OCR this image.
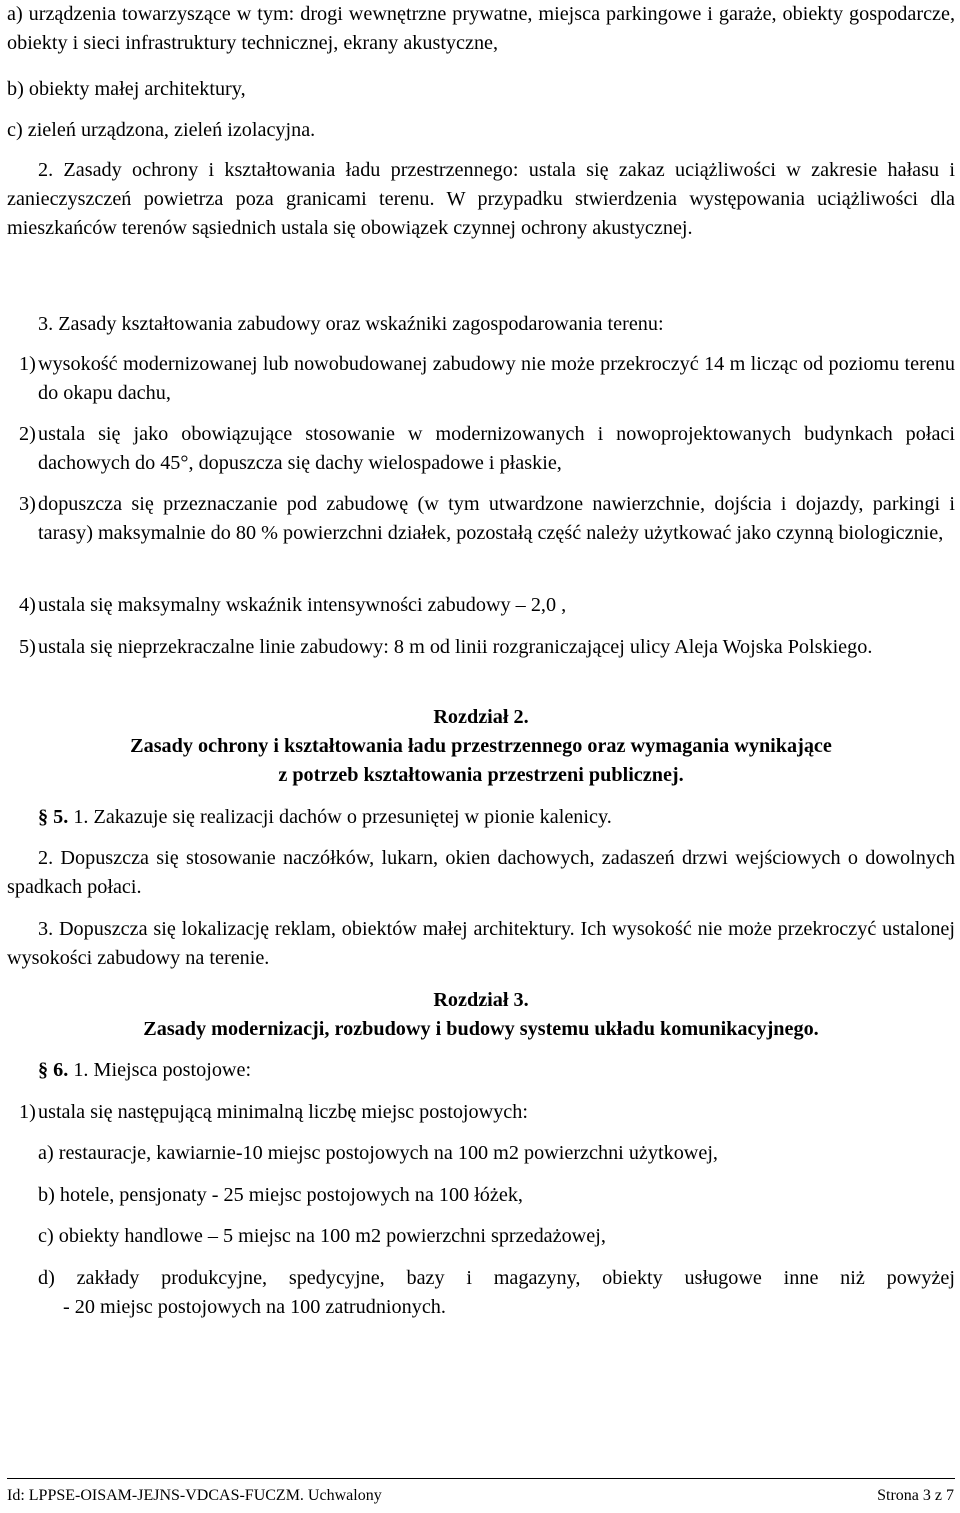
a) urządzenia towarzyszące w tym: drogi wewnętrzne prywatne, miejsca parkingowe i garaże, obiekty gospodarcze, obiekty i sieci infrastruktury technicznej, ekrany akustyczne,
b) obiekty małej architektury,
c) zieleń urządzona, zieleń izolacyjna.
2. Zasady ochrony i kształtowania ładu przestrzennego: ustala się zakaz uciążliwości w zakresie hałasu i zanieczyszczeń powietrza poza granicami terenu. W przypadku stwierdzenia występowania uciążliwości dla mieszkańców terenów sąsiednich ustala się obowiązek czynnej ochrony akustycznej.
3. Zasady kształtowania zabudowy oraz wskaźniki zagospodarowania terenu:
1) wysokość modernizowanej lub nowobudowanej zabudowy nie może przekroczyć 14 m licząc od poziomu terenu do okapu dachu,
2) ustala się jako obowiązujące stosowanie w modernizowanych i nowoprojektowanych budynkach połaci dachowych do 45°, dopuszcza się dachy wielospadowe i płaskie,
3) dopuszcza się przeznaczanie pod zabudowę (w tym utwardzone nawierzchnie, dojścia i dojazdy, parkingi i tarasy) maksymalnie do 80 % powierzchni działek, pozostałą część należy użytkować jako czynną biologicznie,
4) ustala się maksymalny wskaźnik intensywności zabudowy – 2,0 ,
5) ustala się nieprzekraczalne linie zabudowy: 8 m od linii rozgraniczającej ulicy Aleja Wojska Polskiego.
Rozdział 2.
Zasady ochrony i kształtowania ładu przestrzennego oraz wymagania wynikające
z potrzeb kształtowania przestrzeni publicznej.
§ 5. 1. Zakazuje się realizacji dachów o przesuniętej w pionie kalenicy.
2. Dopuszcza się stosowanie naczółków, lukarn, okien dachowych, zadaszeń drzwi wejściowych o dowolnych spadkach połaci.
3. Dopuszcza się lokalizację reklam, obiektów małej architektury. Ich wysokość nie może przekroczyć ustalonej wysokości zabudowy na terenie.
Rozdział 3.
Zasady modernizacji, rozbudowy i budowy systemu układu komunikacyjnego.
§ 6. 1. Miejsca postojowe:
1) ustala się następującą minimalną liczbę miejsc postojowych:
a) restauracje, kawiarnie-10 miejsc postojowych na 100 m2 powierzchni użytkowej,
b) hotele, pensjonaty - 25 miejsc postojowych na 100 łóżek,
c) obiekty handlowe – 5 miejsc na 100 m2 powierzchni sprzedażowej,
d) zakłady produkcyjne, spedycyjne, bazy i magazyny, obiekty usługowe inne niż powyżej
- 20 miejsc postojowych na 100 zatrudnionych.
Id: LPPSE-OISAM-JEJNS-VDCAS-FUCZM. Uchwalony	Strona 3 z 7
